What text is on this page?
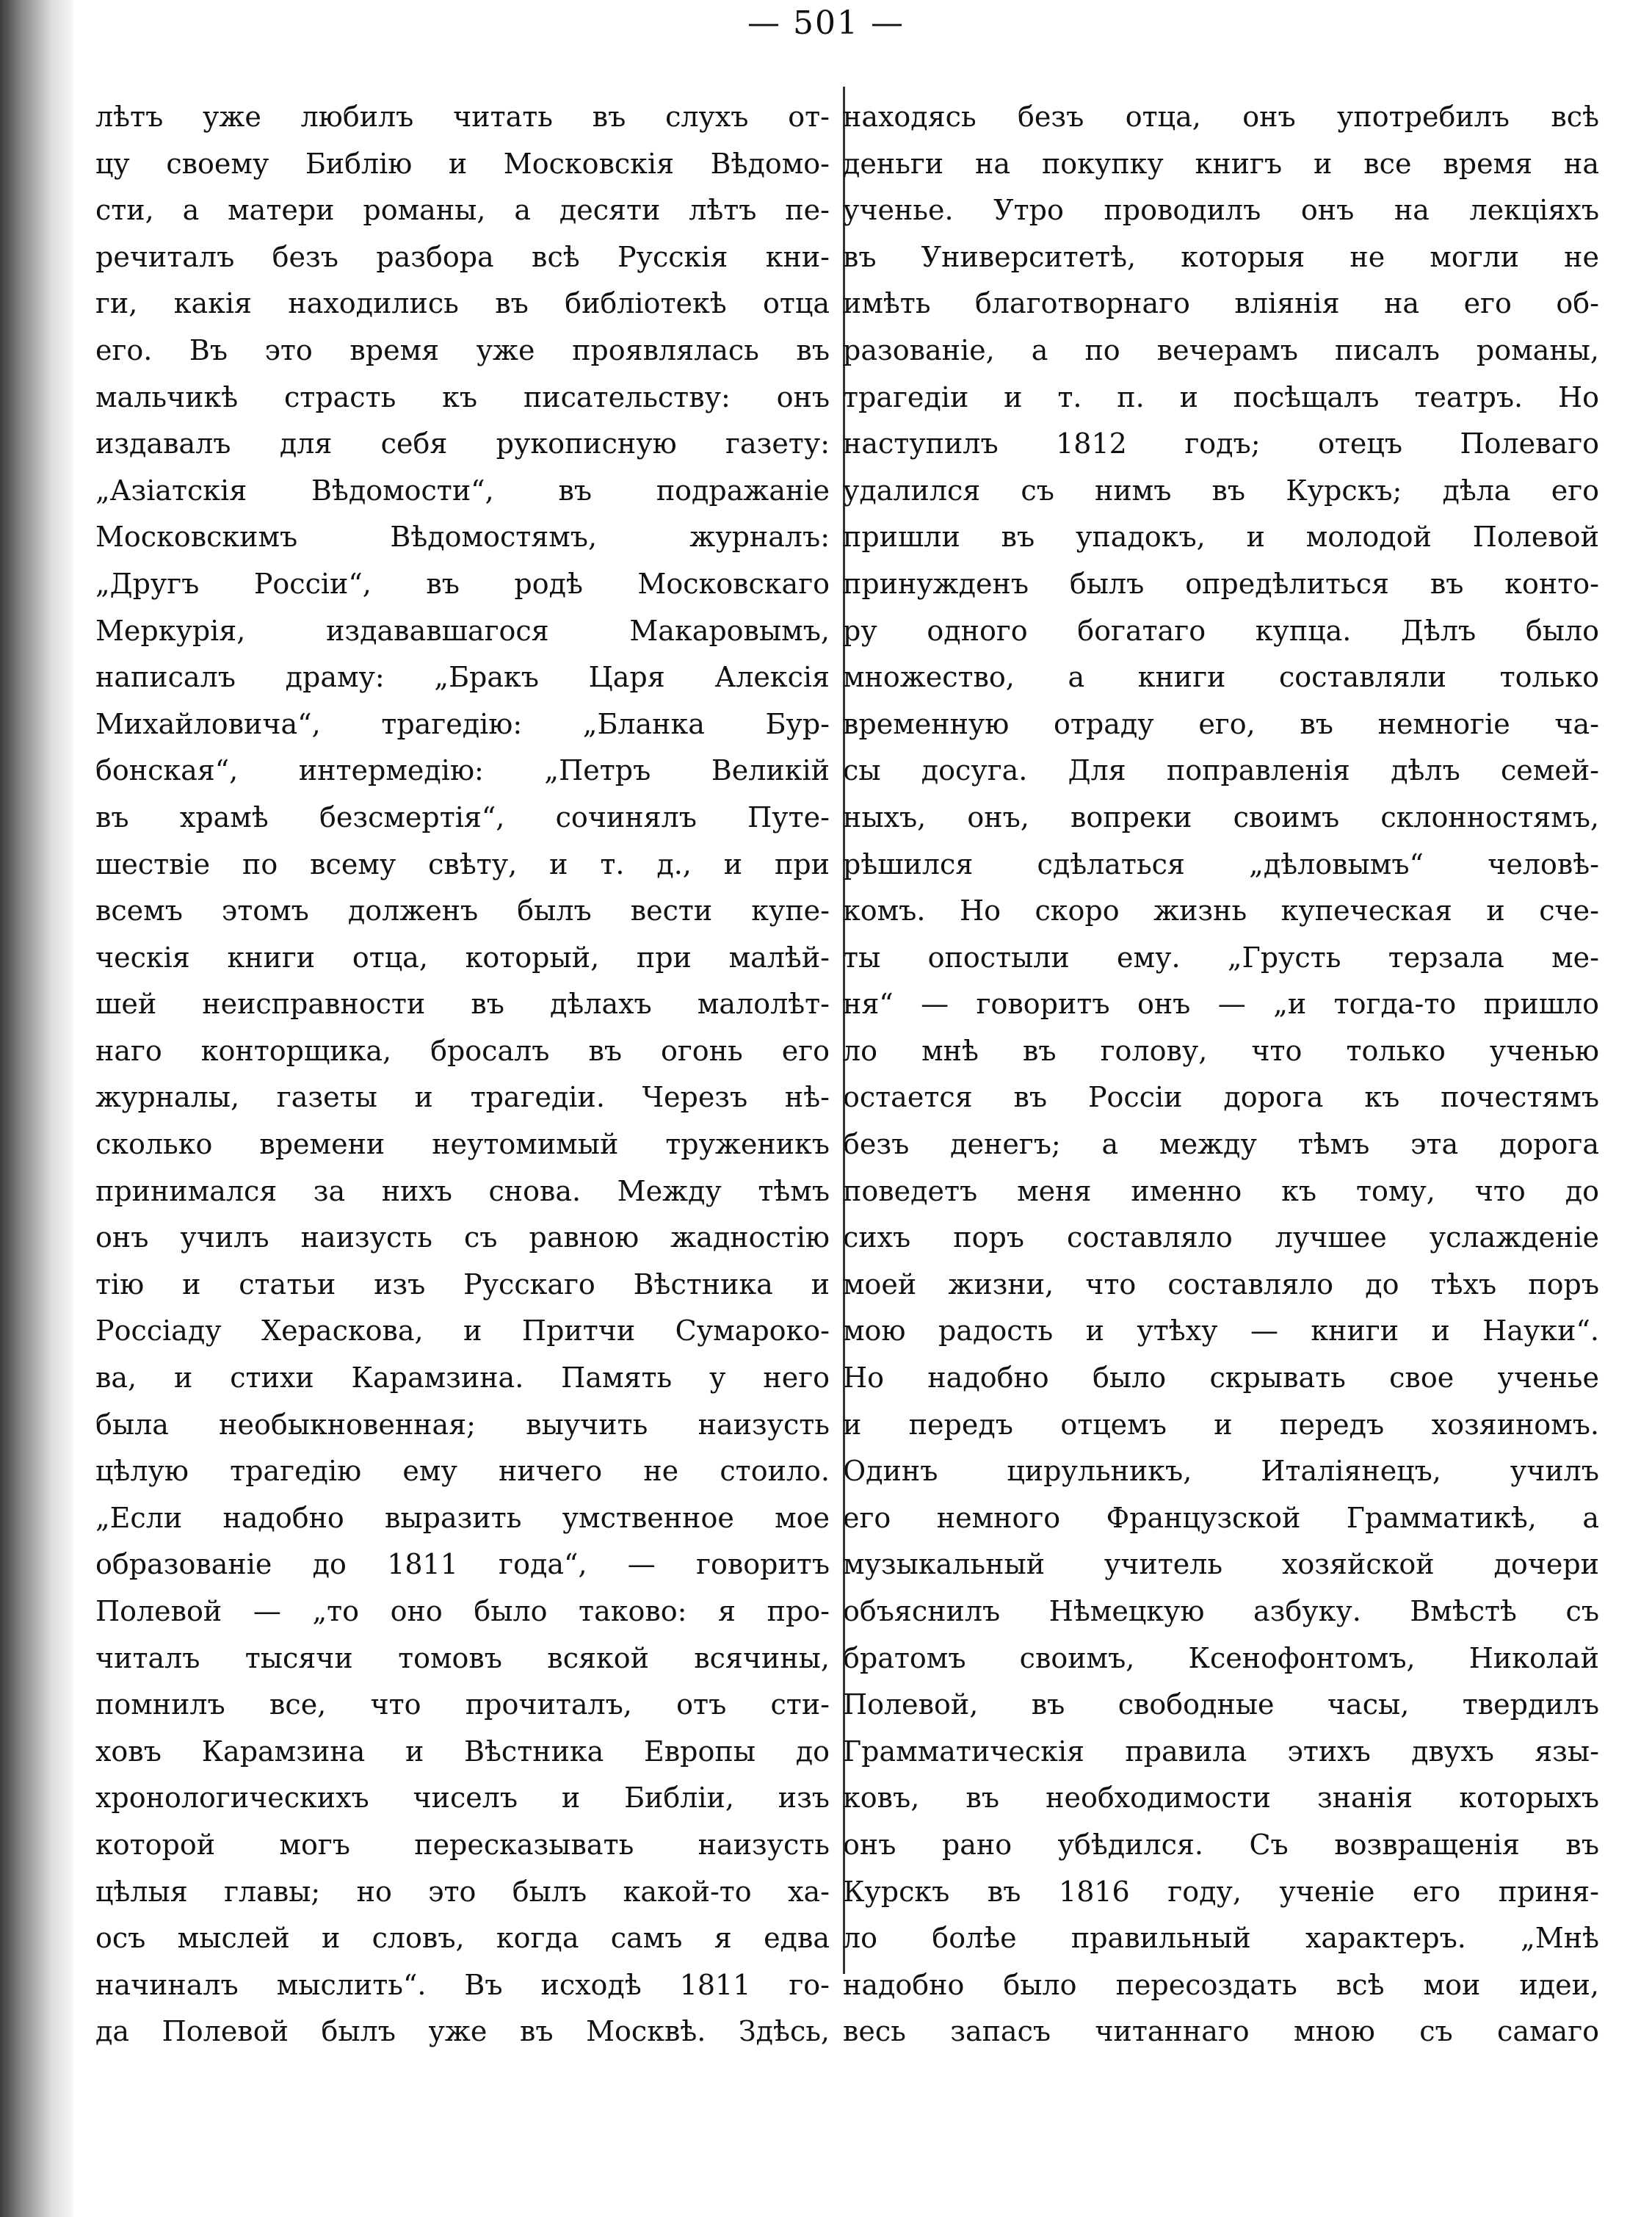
— 501 —
лѣтъ уже любилъ читать въ слухъ от-
цу своему Библію и Московскія Вѣдомо-
сти, а матери романы, а десяти лѣтъ пе-
речиталъ безъ разбора всѣ Русскія кни-
ги, какія находились въ библіотекѣ отца
его. Въ это время уже проявлялась въ
мальчикѣ страсть къ писательству: онъ
издавалъ для себя рукописную газету:
„Азіатскія Вѣдомости“, въ подражаніе
Московскимъ Вѣдомостямъ, журналъ:
„Другъ Россіи“, въ родѣ Московскаго
Меркурія, издававшагося Макаровымъ,
написалъ драму: „Бракъ Царя Алексія
Михайловича“, трагедію: „Бланка Бур-
бонская“, интермедію: „Петръ Великій
въ храмѣ безсмертія“, сочинялъ Путе-
шествіе по всему свѣту, и т. д., и при
всемъ этомъ долженъ былъ вести купе-
ческія книги отца, который, при малѣй-
шей неисправности въ дѣлахъ малолѣт-
наго конторщика, бросалъ въ огонь его
журналы, газеты и трагедіи. Черезъ нѣ-
сколько времени неутомимый труженикъ
принимался за нихъ снова. Между тѣмъ
онъ училъ наизусть съ равною жадностію
тію и статьи изъ Русскаго Вѣстника и
Россіаду Хераскова, и Притчи Сумароко-
ва, и стихи Карамзина. Память у него
была необыкновенная; выучить наизусть
цѣлую трагедію ему ничего не стоило.
„Если надобно выразить умственное мое
образованіе до 1811 года“, — говоритъ
Полевой — „то оно было таково: я про-
читалъ тысячи томовъ всякой всячины,
помнилъ все, что прочиталъ, отъ сти-
ховъ Карамзина и Вѣстника Европы до
хронологическихъ чиселъ и Библіи, изъ
которой могъ пересказывать наизусть
цѣлыя главы; но это былъ какой-то ха-
осъ мыслей и словъ, когда самъ я едва
начиналъ мыслить“. Въ исходѣ 1811 го-
да Полевой былъ уже въ Москвѣ. Здѣсь,
находясь безъ отца, онъ употребилъ всѣ
деньги на покупку книгъ и все время на
ученье. Утро проводилъ онъ на лекціяхъ
въ Университетѣ, которыя не могли не
имѣть благотворнаго вліянія на его об-
разованіе, а по вечерамъ писалъ романы,
трагедіи и т. п. и посѣщалъ театръ. Но
наступилъ 1812 годъ; отецъ Полеваго
удалился съ нимъ въ Курскъ; дѣла его
пришли въ упадокъ, и молодой Полевой
принужденъ былъ опредѣлиться въ конто-
ру одного богатаго купца. Дѣлъ было
множество, а книги составляли только
временную отраду его, въ немногіе ча-
сы досуга. Для поправленія дѣлъ семей-
ныхъ, онъ, вопреки своимъ склонностямъ,
рѣшился сдѣлаться „дѣловымъ“ человѣ-
комъ. Но скоро жизнь купеческая и сче-
ты опостыли ему. „Грусть терзала ме-
ня“ — говоритъ онъ — „и тогда-то пришло
ло мнѣ въ голову, что только ученью
остается въ Россіи дорога къ почестямъ
безъ денегъ; а между тѣмъ эта дорога
поведетъ меня именно къ тому, что до
сихъ поръ составляло лучшее услажденіе
моей жизни, что составляло до тѣхъ поръ
мою радость и утѣху — книги и Науки“.
Но надобно было скрывать свое ученье
и передъ отцемъ и передъ хозяиномъ.
Одинъ цирульникъ, Италіянецъ, училъ
его немного Французской Грамматикѣ, а
музыкальный учитель хозяйской дочери
объяснилъ Нѣмецкую азбуку. Вмѣстѣ съ
братомъ своимъ, Ксенофонтомъ, Николай
Полевой, въ свободные часы, твердилъ
Грамматическія правила этихъ двухъ язы-
ковъ, въ необходимости знанія которыхъ
онъ рано убѣдился. Съ возвращенія въ
Курскъ въ 1816 году, ученіе его приня-
ло болѣе правильный характеръ. „Мнѣ
надобно было пересоздать всѣ мои идеи,
весь запасъ читаннаго мною съ самаго
